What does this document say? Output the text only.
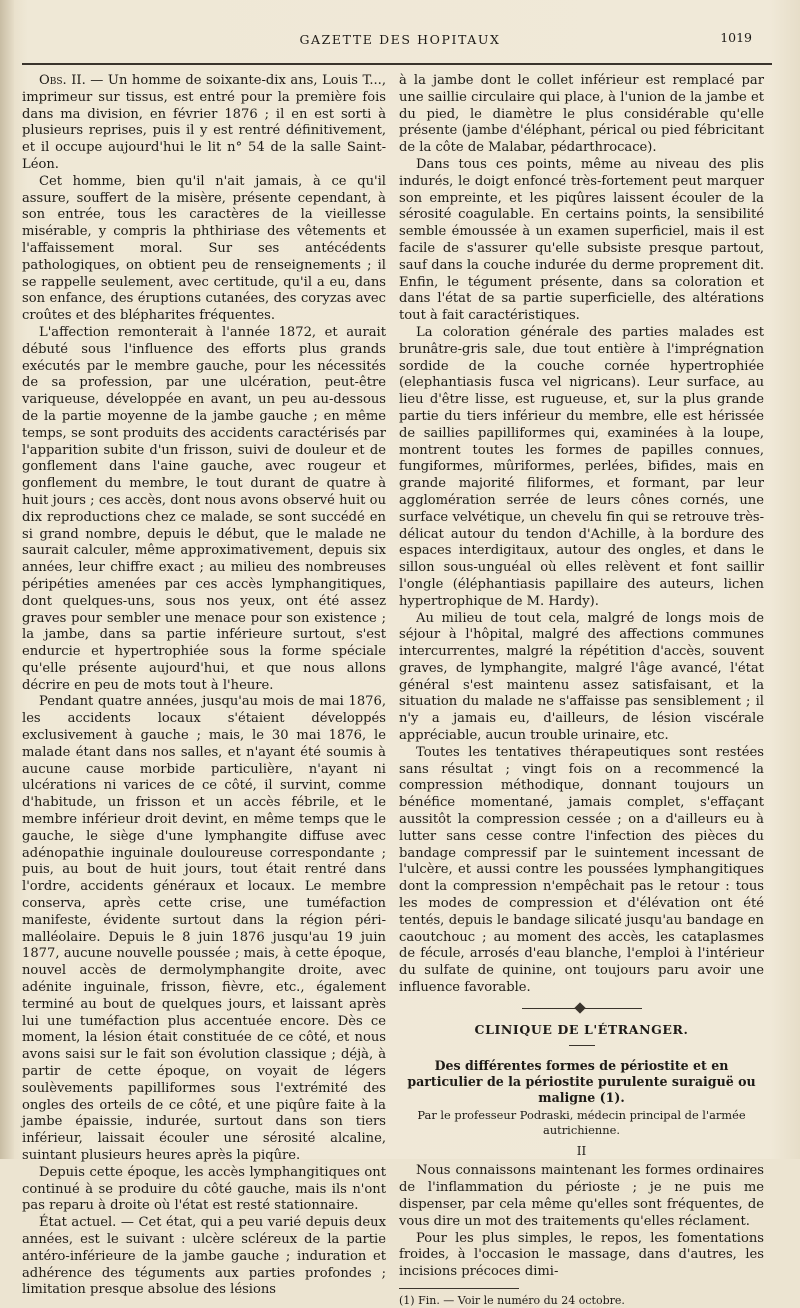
GAZETTE DES HOPITAUX	1019

Obs. II. — Un homme de soixante-dix ans, Louis T..., imprimeur sur tissus, est entré pour la première fois dans ma division, en février 1876 ; il en est sorti à plusieurs reprises, puis il y est rentré définitivement, et il occupe aujourd'hui le lit n° 54 de la salle Saint-Léon.

Cet homme, bien qu'il n'ait jamais, à ce qu'il assure, souffert de la misère, présente cependant, à son entrée, tous les caractères de la vieillesse misérable, y compris la phthiriase des vêtements et l'affaissement moral. Sur ses antécédents pathologiques, on obtient peu de renseignements ; il se rappelle seulement, avec certitude, qu'il a eu, dans son enfance, des éruptions cutanées, des coryzas avec croûtes et des blépharites fréquentes.

L'affection remonterait à l'année 1872, et aurait débuté sous l'influence des efforts plus grands exécutés par le membre gauche, pour les nécessités de sa profession, par une ulcération, peut-être variqueuse, développée en avant, un peu au-dessous de la partie moyenne de la jambe gauche ; en même temps, se sont produits des accidents caractérisés par l'apparition subite d'un frisson, suivi de douleur et de gonflement dans l'aine gauche, avec rougeur et gonflement du membre, le tout durant de quatre à huit jours ; ces accès, dont nous avons observé huit ou dix reproductions chez ce malade, se sont succédé en si grand nombre, depuis le début, que le malade ne saurait calculer, même approximativement, depuis six années, leur chiffre exact ; au milieu des nombreuses péripéties amenées par ces accès lymphangitiques, dont quelques-uns, sous nos yeux, ont été assez graves pour sembler une menace pour son existence ; la jambe, dans sa partie inférieure surtout, s'est endurcie et hypertrophiée sous la forme spéciale qu'elle présente aujourd'hui, et que nous allons décrire en peu de mots tout à l'heure.

Pendant quatre années, jusqu'au mois de mai 1876, les accidents locaux s'étaient développés exclusivement à gauche ; mais, le 30 mai 1876, le malade étant dans nos salles, et n'ayant été soumis à aucune cause morbide particulière, n'ayant ni ulcérations ni varices de ce côté, il survint, comme d'habitude, un frisson et un accès fébrile, et le membre inférieur droit devint, en même temps que le gauche, le siège d'une lymphangite diffuse avec adénopathie inguinale douloureuse correspondante ; puis, au bout de huit jours, tout était rentré dans l'ordre, accidents généraux et locaux. Le membre conserva, après cette crise, une tuméfaction manifeste, évidente surtout dans la région péri-malléolaire. Depuis le 8 juin 1876 jusqu'au 19 juin 1877, aucune nouvelle poussée ; mais, à cette époque, nouvel accès de dermolymphangite droite, avec adénite inguinale, frisson, fièvre, etc., également terminé au bout de quelques jours, et laissant après lui une tuméfaction plus accentuée encore. Dès ce moment, la lésion était constituée de ce côté, et nous avons saisi sur le fait son évolution classique ; déjà, à partir de cette époque, on voyait de légers soulèvements papilliformes sous l'extrémité des ongles des orteils de ce côté, et une piqûre faite à la jambe épaissie, indurée, surtout dans son tiers inférieur, laissait écouler une sérosité alcaline, suintant plusieurs heures après la piqûre.

Depuis cette époque, les accès lymphangitiques ont continué à se produire du côté gauche, mais ils n'ont pas reparu à droite où l'état est resté stationnaire.

État actuel. — Cet état, qui a peu varié depuis deux années, est le suivant : ulcère scléreux de la partie antéro-inférieure de la jambe gauche ; induration et adhérence des téguments aux parties profondes ; limitation presque absolue des lésions

à la jambe dont le collet inférieur est remplacé par une saillie circulaire qui place, à l'union de la jambe et du pied, le diamètre le plus considérable qu'elle présente (jambe d'éléphant, pérical ou pied fébricitant de la côte de Malabar, pédarthrocace).

Dans tous ces points, même au niveau des plis indurés, le doigt enfoncé très-fortement peut marquer son empreinte, et les piqûres laissent écouler de la sérosité coagulable. En certains points, la sensibilité semble émoussée à un examen superficiel, mais il est facile de s'assurer qu'elle subsiste presque partout, sauf dans la couche indurée du derme proprement dit. Enfin, le tégument présente, dans sa coloration et dans l'état de sa partie superficielle, des altérations tout à fait caractéristiques.

La coloration générale des parties malades est brunâtre-gris sale, due tout entière à l'imprégnation sordide de la couche cornée hypertrophiée (elephantiasis fusca vel nigricans). Leur surface, au lieu d'être lisse, est rugueuse, et, sur la plus grande partie du tiers inférieur du membre, elle est hérissée de saillies papilliformes qui, examinées à la loupe, montrent toutes les formes de papilles connues, fungiformes, mûriformes, perlées, bifides, mais en grande majorité filiformes, et formant, par leur agglomération serrée de leurs cônes cornés, une surface velvétique, un chevelu fin qui se retrouve très-délicat autour du tendon d'Achille, à la bordure des espaces interdigitaux, autour des ongles, et dans le sillon sous-unguéal où elles relèvent et font saillir l'ongle (éléphantiasis papillaire des auteurs, lichen hypertrophique de M. Hardy).

Au milieu de tout cela, malgré de longs mois de séjour à l'hôpital, malgré des affections communes intercurrentes, malgré la répétition d'accès, souvent graves, de lymphangite, malgré l'âge avancé, l'état général s'est maintenu assez satisfaisant, et la situation du malade ne s'affaisse pas sensiblement ; il n'y a jamais eu, d'ailleurs, de lésion viscérale appréciable, aucun trouble urinaire, etc.

Toutes les tentatives thérapeutiques sont restées sans résultat ; vingt fois on a recommencé la compression méthodique, donnant toujours un bénéfice momentané, jamais complet, s'effaçant aussitôt la compression cessée ; on a d'ailleurs eu à lutter sans cesse contre l'infection des pièces du bandage compressif par le suintement incessant de l'ulcère, et aussi contre les poussées lymphangitiques dont la compression n'empêchait pas le retour : tous les modes de compression et d'élévation ont été tentés, depuis le bandage silicaté jusqu'au bandage en caoutchouc ; au moment des accès, les cataplasmes de fécule, arrosés d'eau blanche, l'emploi à l'intérieur du sulfate de quinine, ont toujours paru avoir une influence favorable.

CLINIQUE DE L'ÉTRANGER.
Des différentes formes de périostite et en particulier de la périostite purulente suraiguë ou maligne (1).
Par le professeur Podraski, médecin principal de l'armée autrichienne.
II

Nous connaissons maintenant les formes ordinaires de l'inflammation du périoste ; je ne puis me dispenser, par cela même qu'elles sont fréquentes, de vous dire un mot des traitements qu'elles réclament.

Pour les plus simples, le repos, les fomentations froides, à l'occasion le massage, dans d'autres, les incisions précoces dimi-

(1) Fin. — Voir le numéro du 24 octobre.
